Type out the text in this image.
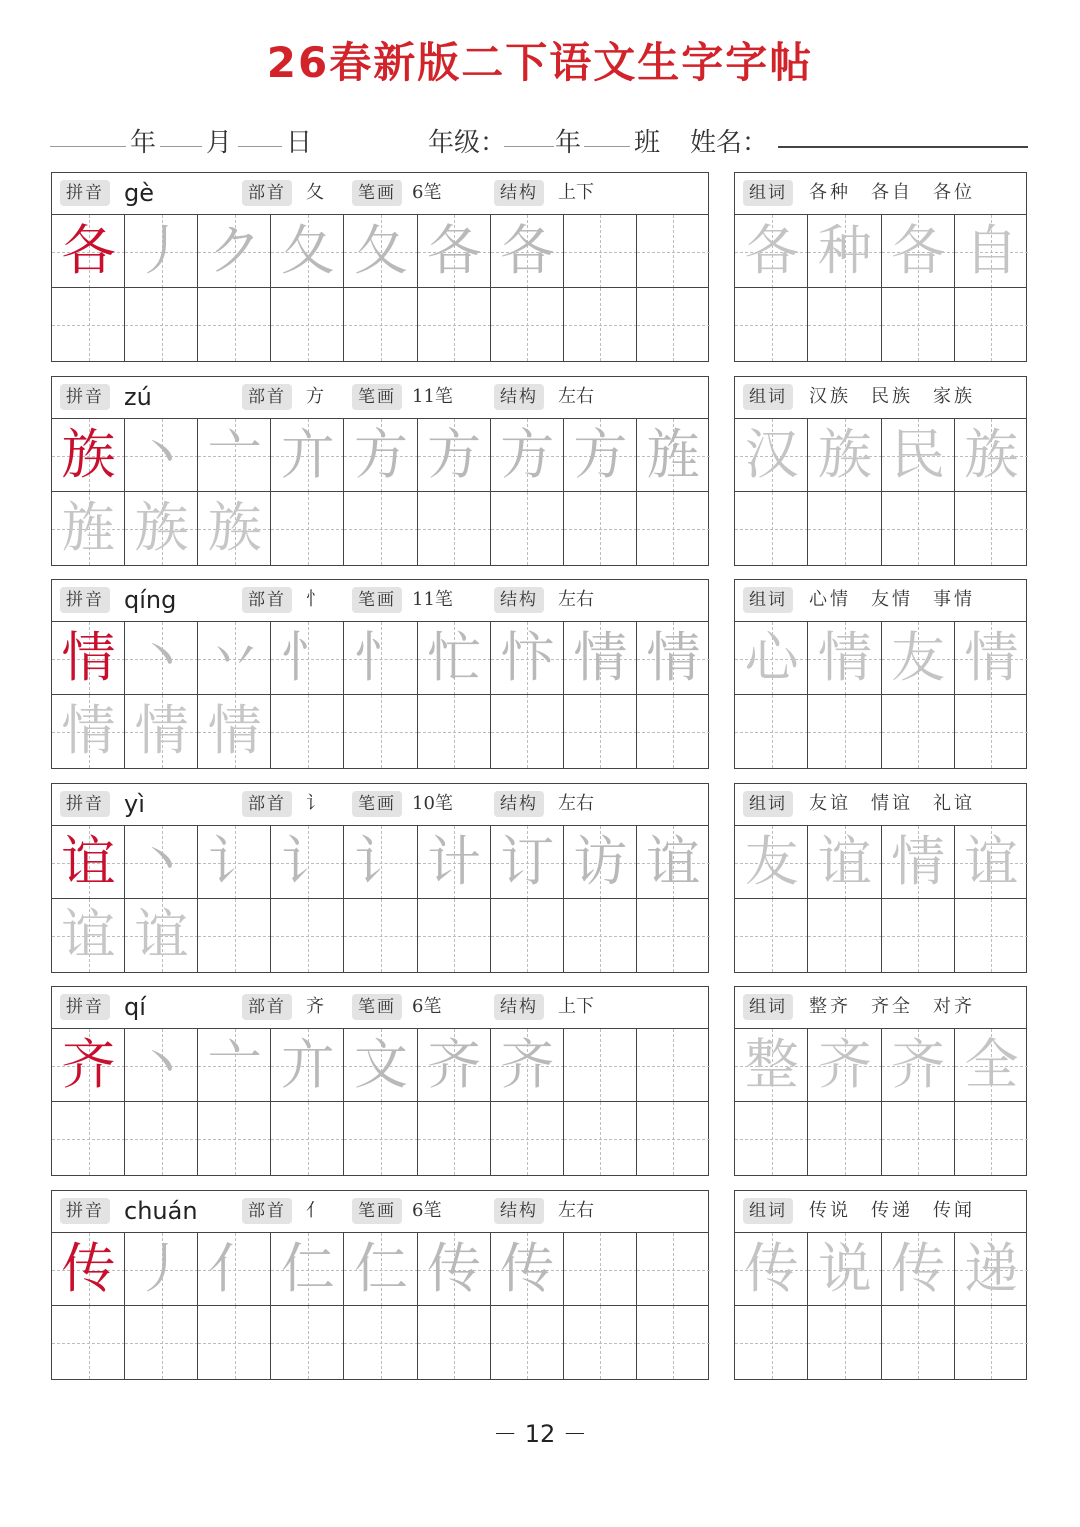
26春新版二下语文生字字帖
年 月 日	年级： 年 班 姓名：
拼音 gè	部首	夂	笔画 6笔	结构	上下
各 丿 ク 夂 夂 各 各
组词	各种 各自 各位
各 种 各 自
拼音 zú	部首	方	笔画 11笔	结构	左右
族 丶 亠 亣 方 方 方 方 旌
旌 族 族
组词	汉族 民族 家族
汉 族 民 族
拼音 qíng	部首	忄	笔画 11笔	结构	左右
情 丶 丷 忄 忄 忙 忭 情 情
情 情 情
组词	心情 友情 事情
心 情 友 情
拼音 yì	部首	讠	笔画 10笔	结构	左右
谊 丶 讠 讠 讠 计 订 访 谊
谊 谊
组词	友谊 情谊 礼谊
友 谊 情 谊
拼音 qí	部首	齐	笔画 6笔	结构	上下
齐 丶 亠 亣 文 齐 齐
组词	整齐 齐全 对齐
整 齐 齐 全
拼音 chuán	部首	亻	笔画 6笔	结构	左右
传 丿 亻 仁 仁 传 传
组词	传说 传递 传闻
传 说 传 递
－ 12 －
